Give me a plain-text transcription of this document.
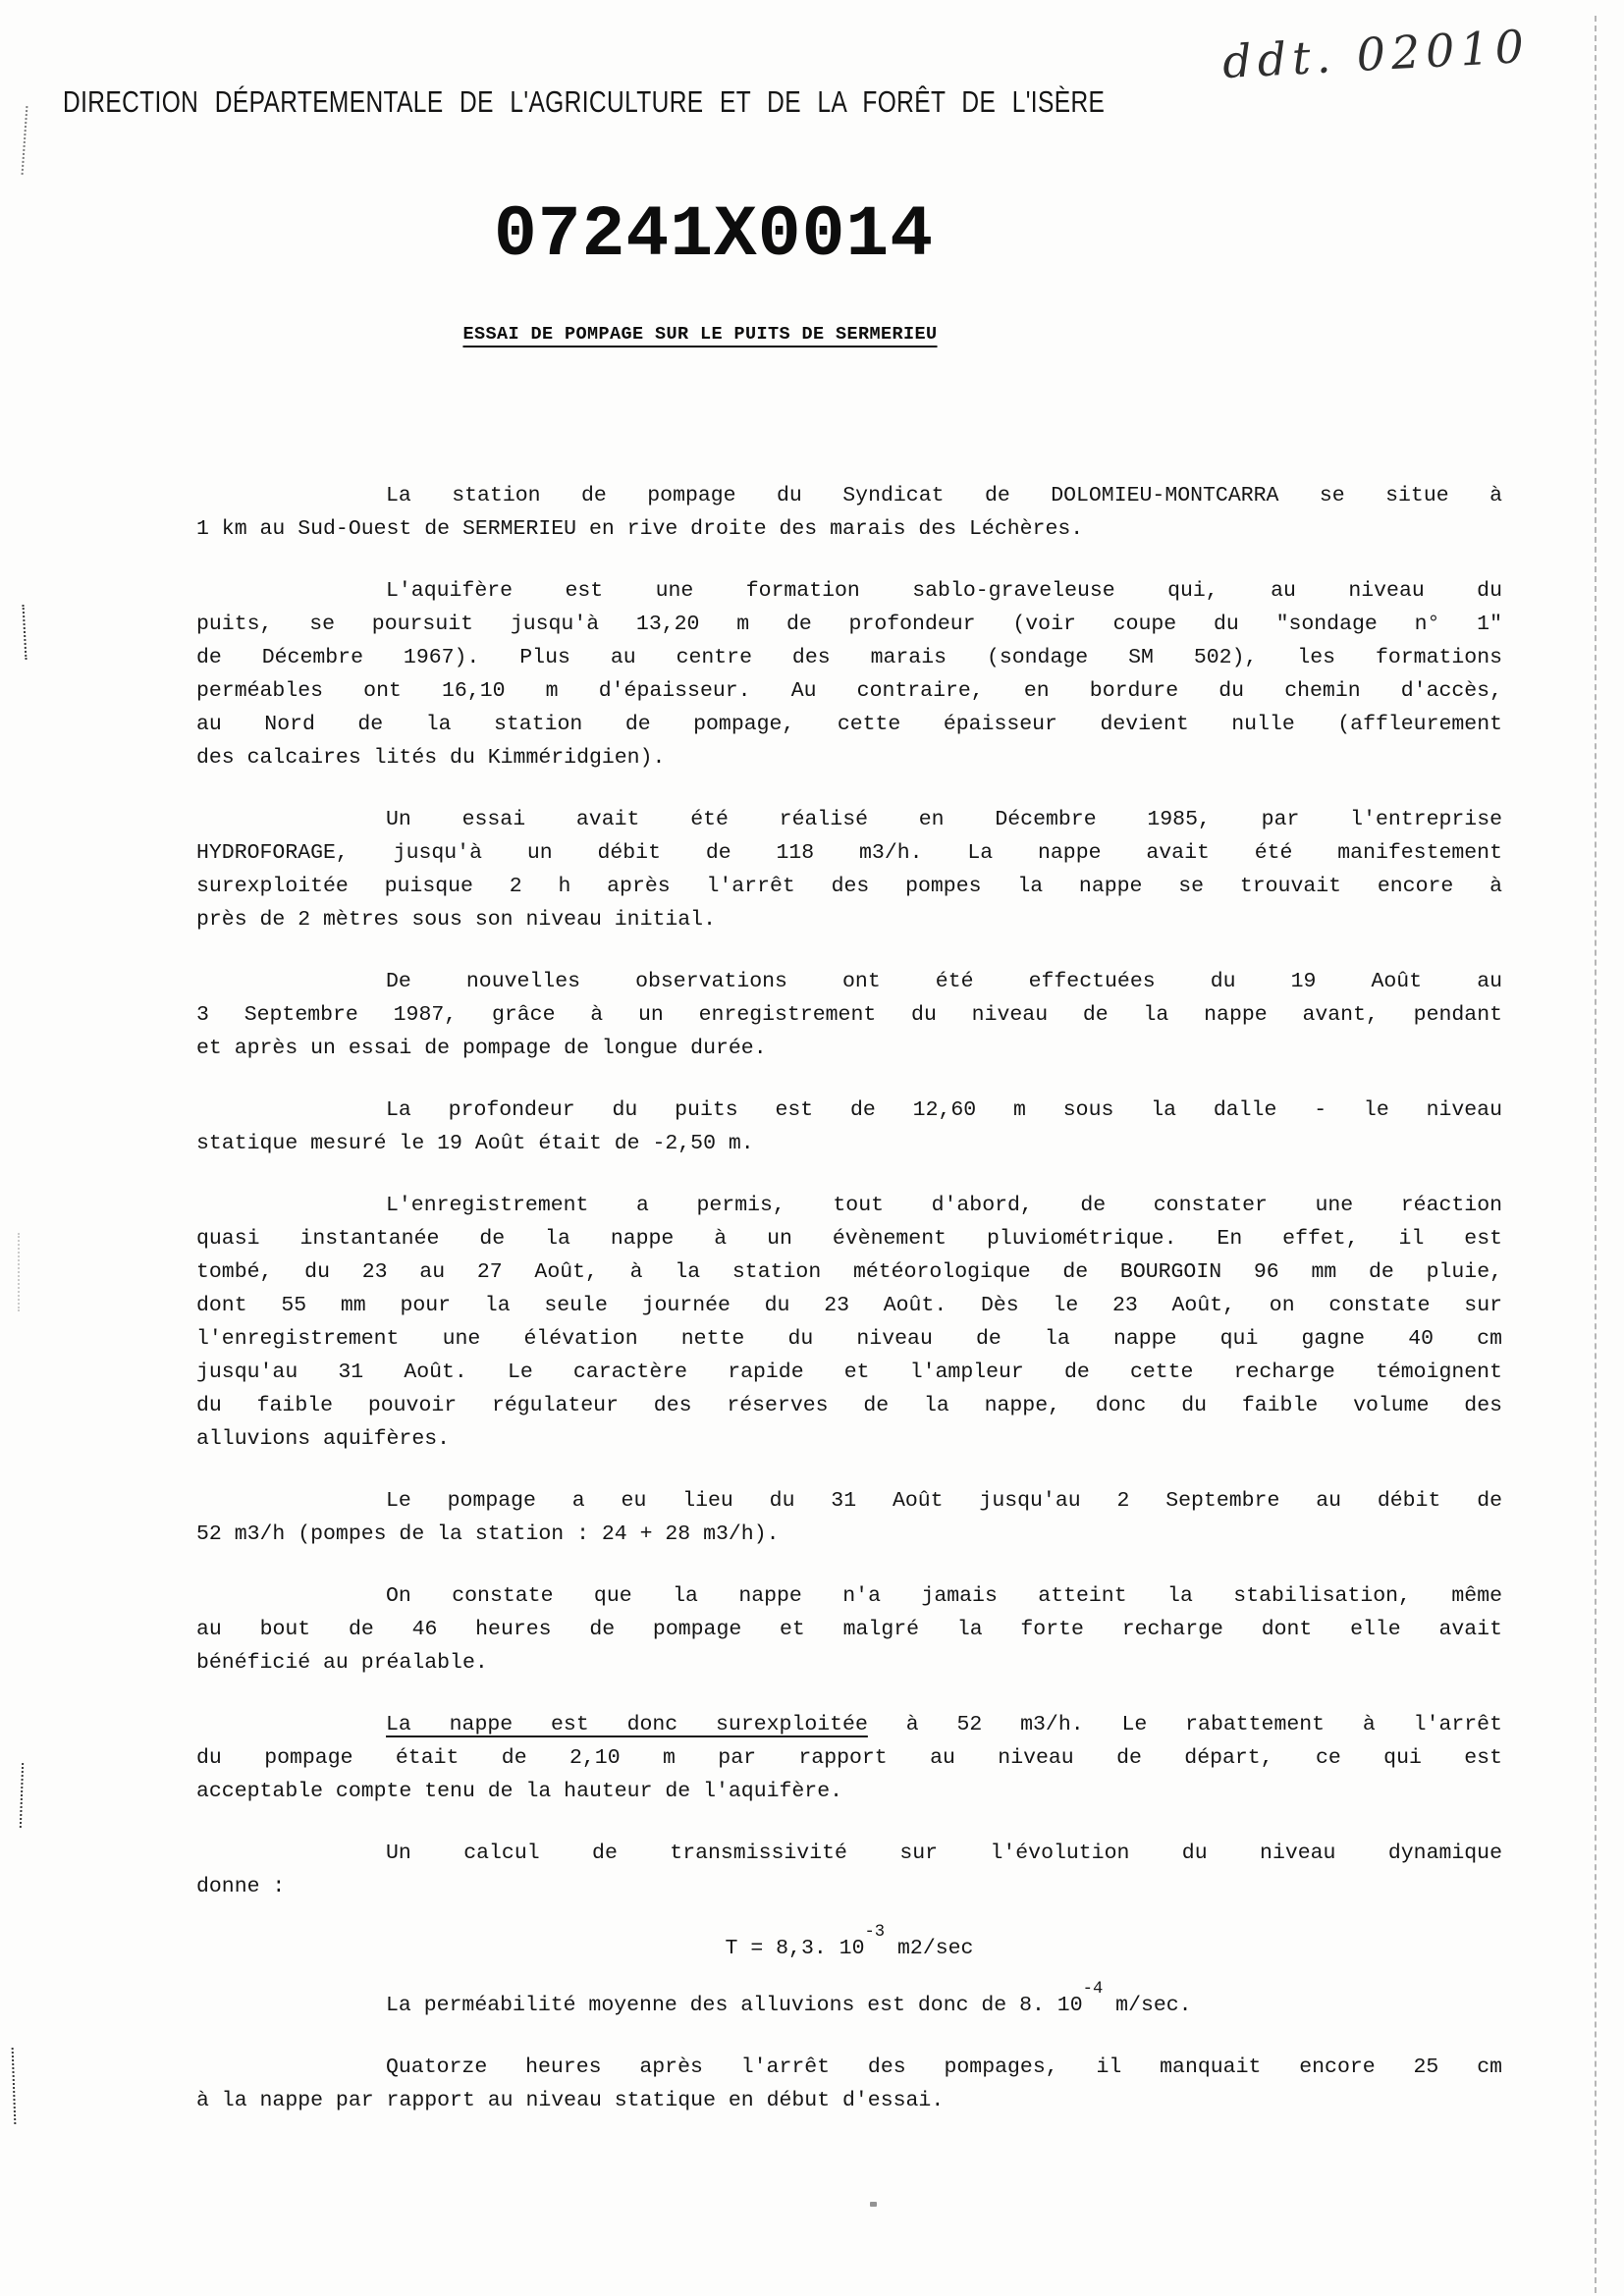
ddt. 02010
DIRECTION DÉPARTEMENTALE DE L'AGRICULTURE ET DE LA FORÊT DE L'ISÈRE
07241X0014
ESSAI DE POMPAGE SUR LE PUITS DE SERMERIEU
La station de pompage du Syndicat de DOLOMIEU-MONTCARRA se situe à
1 km au Sud-Ouest de SERMERIEU en rive droite des marais des Léchères.
L'aquifère est une formation sablo-graveleuse qui, au niveau du
puits, se poursuit jusqu'à 13,20 m de profondeur (voir coupe du "sondage n° 1"
de Décembre 1967). Plus au centre des marais (sondage SM 502), les formations
perméables ont 16,10 m d'épaisseur. Au contraire, en bordure du chemin d'accès,
au Nord de la station de pompage, cette épaisseur devient nulle (affleurement
des calcaires lités du Kimméridgien).
Un essai avait été réalisé en Décembre 1985, par l'entreprise
HYDROFORAGE, jusqu'à un débit de 118 m3/h. La nappe avait été manifestement
surexploitée puisque 2 h après l'arrêt des pompes la nappe se trouvait encore à
près de 2 mètres sous son niveau initial.
De nouvelles observations ont été effectuées du 19 Août au
3 Septembre 1987, grâce à un enregistrement du niveau de la nappe avant, pendant
et après un essai de pompage de longue durée.
La profondeur du puits est de 12,60 m sous la dalle - le niveau
statique mesuré le 19 Août était de -2,50 m.
L'enregistrement a permis, tout d'abord, de constater une réaction
quasi instantanée de la nappe à un évènement pluviométrique. En effet, il est
tombé, du 23 au 27 Août, à la station météorologique de BOURGOIN 96 mm de pluie,
dont 55 mm pour la seule journée du 23 Août. Dès le 23 Août, on constate sur
l'enregistrement une élévation nette du niveau de la nappe qui gagne 40 cm
jusqu'au 31 Août. Le caractère rapide et l'ampleur de cette recharge témoignent
du faible pouvoir régulateur des réserves de la nappe, donc du faible volume des
alluvions aquifères.
Le pompage a eu lieu du 31 Août jusqu'au 2 Septembre au débit de
52 m3/h (pompes de la station : 24 + 28 m3/h).
On constate que la nappe n'a jamais atteint la stabilisation, même
au bout de 46 heures de pompage et malgré la forte recharge dont elle avait
bénéficié au préalable.
La nappe est donc surexploitée à 52 m3/h. Le rabattement à l'arrêt
du pompage était de 2,10 m par rapport au niveau de départ, ce qui est
acceptable compte tenu de la hauteur de l'aquifère.
Un calcul de transmissivité sur l'évolution du niveau dynamique
donne :
T = 8,3. $10^{-3}$ m2/sec
La perméabilité moyenne des alluvions est donc de 8. $10^{-4}$ m/sec.
Quatorze heures après l'arrêt des pompages, il manquait encore 25 cm
à la nappe par rapport au niveau statique en début d'essai.
